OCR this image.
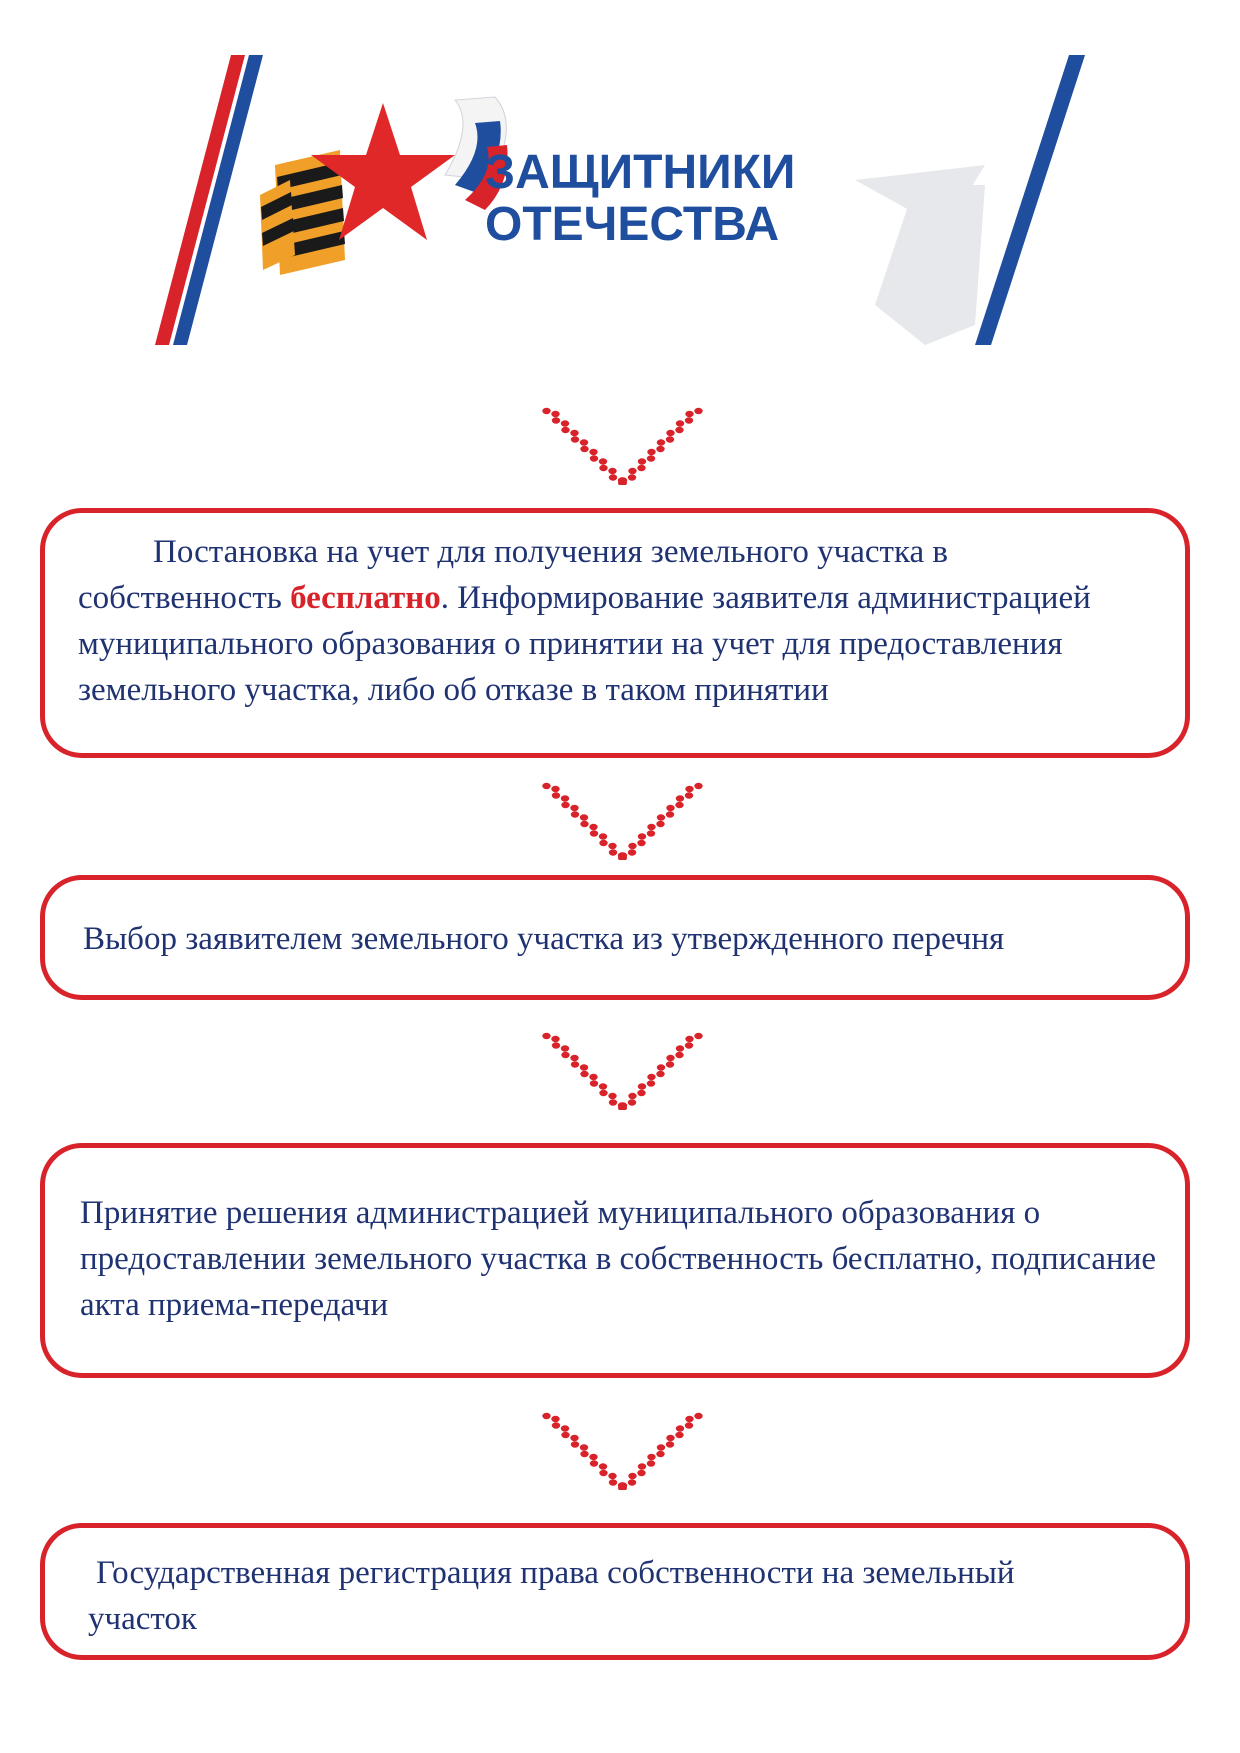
ЗАЩИТНИКИ
ОТЕЧЕСТВА
Постановка на учет для получения земельного участка в собственность бесплатно. Информирование заявителя администрацией муниципального образования о принятии на учет для предоставления земельного участка, либо об отказе в таком принятии
Выбор заявителем земельного участка из утвержденного перечня
Принятие решения администрацией муниципального образования о предоставлении земельного участка в собственность бесплатно, подписание акта приема-передачи
Государственная регистрация права собственности на земельный участок
